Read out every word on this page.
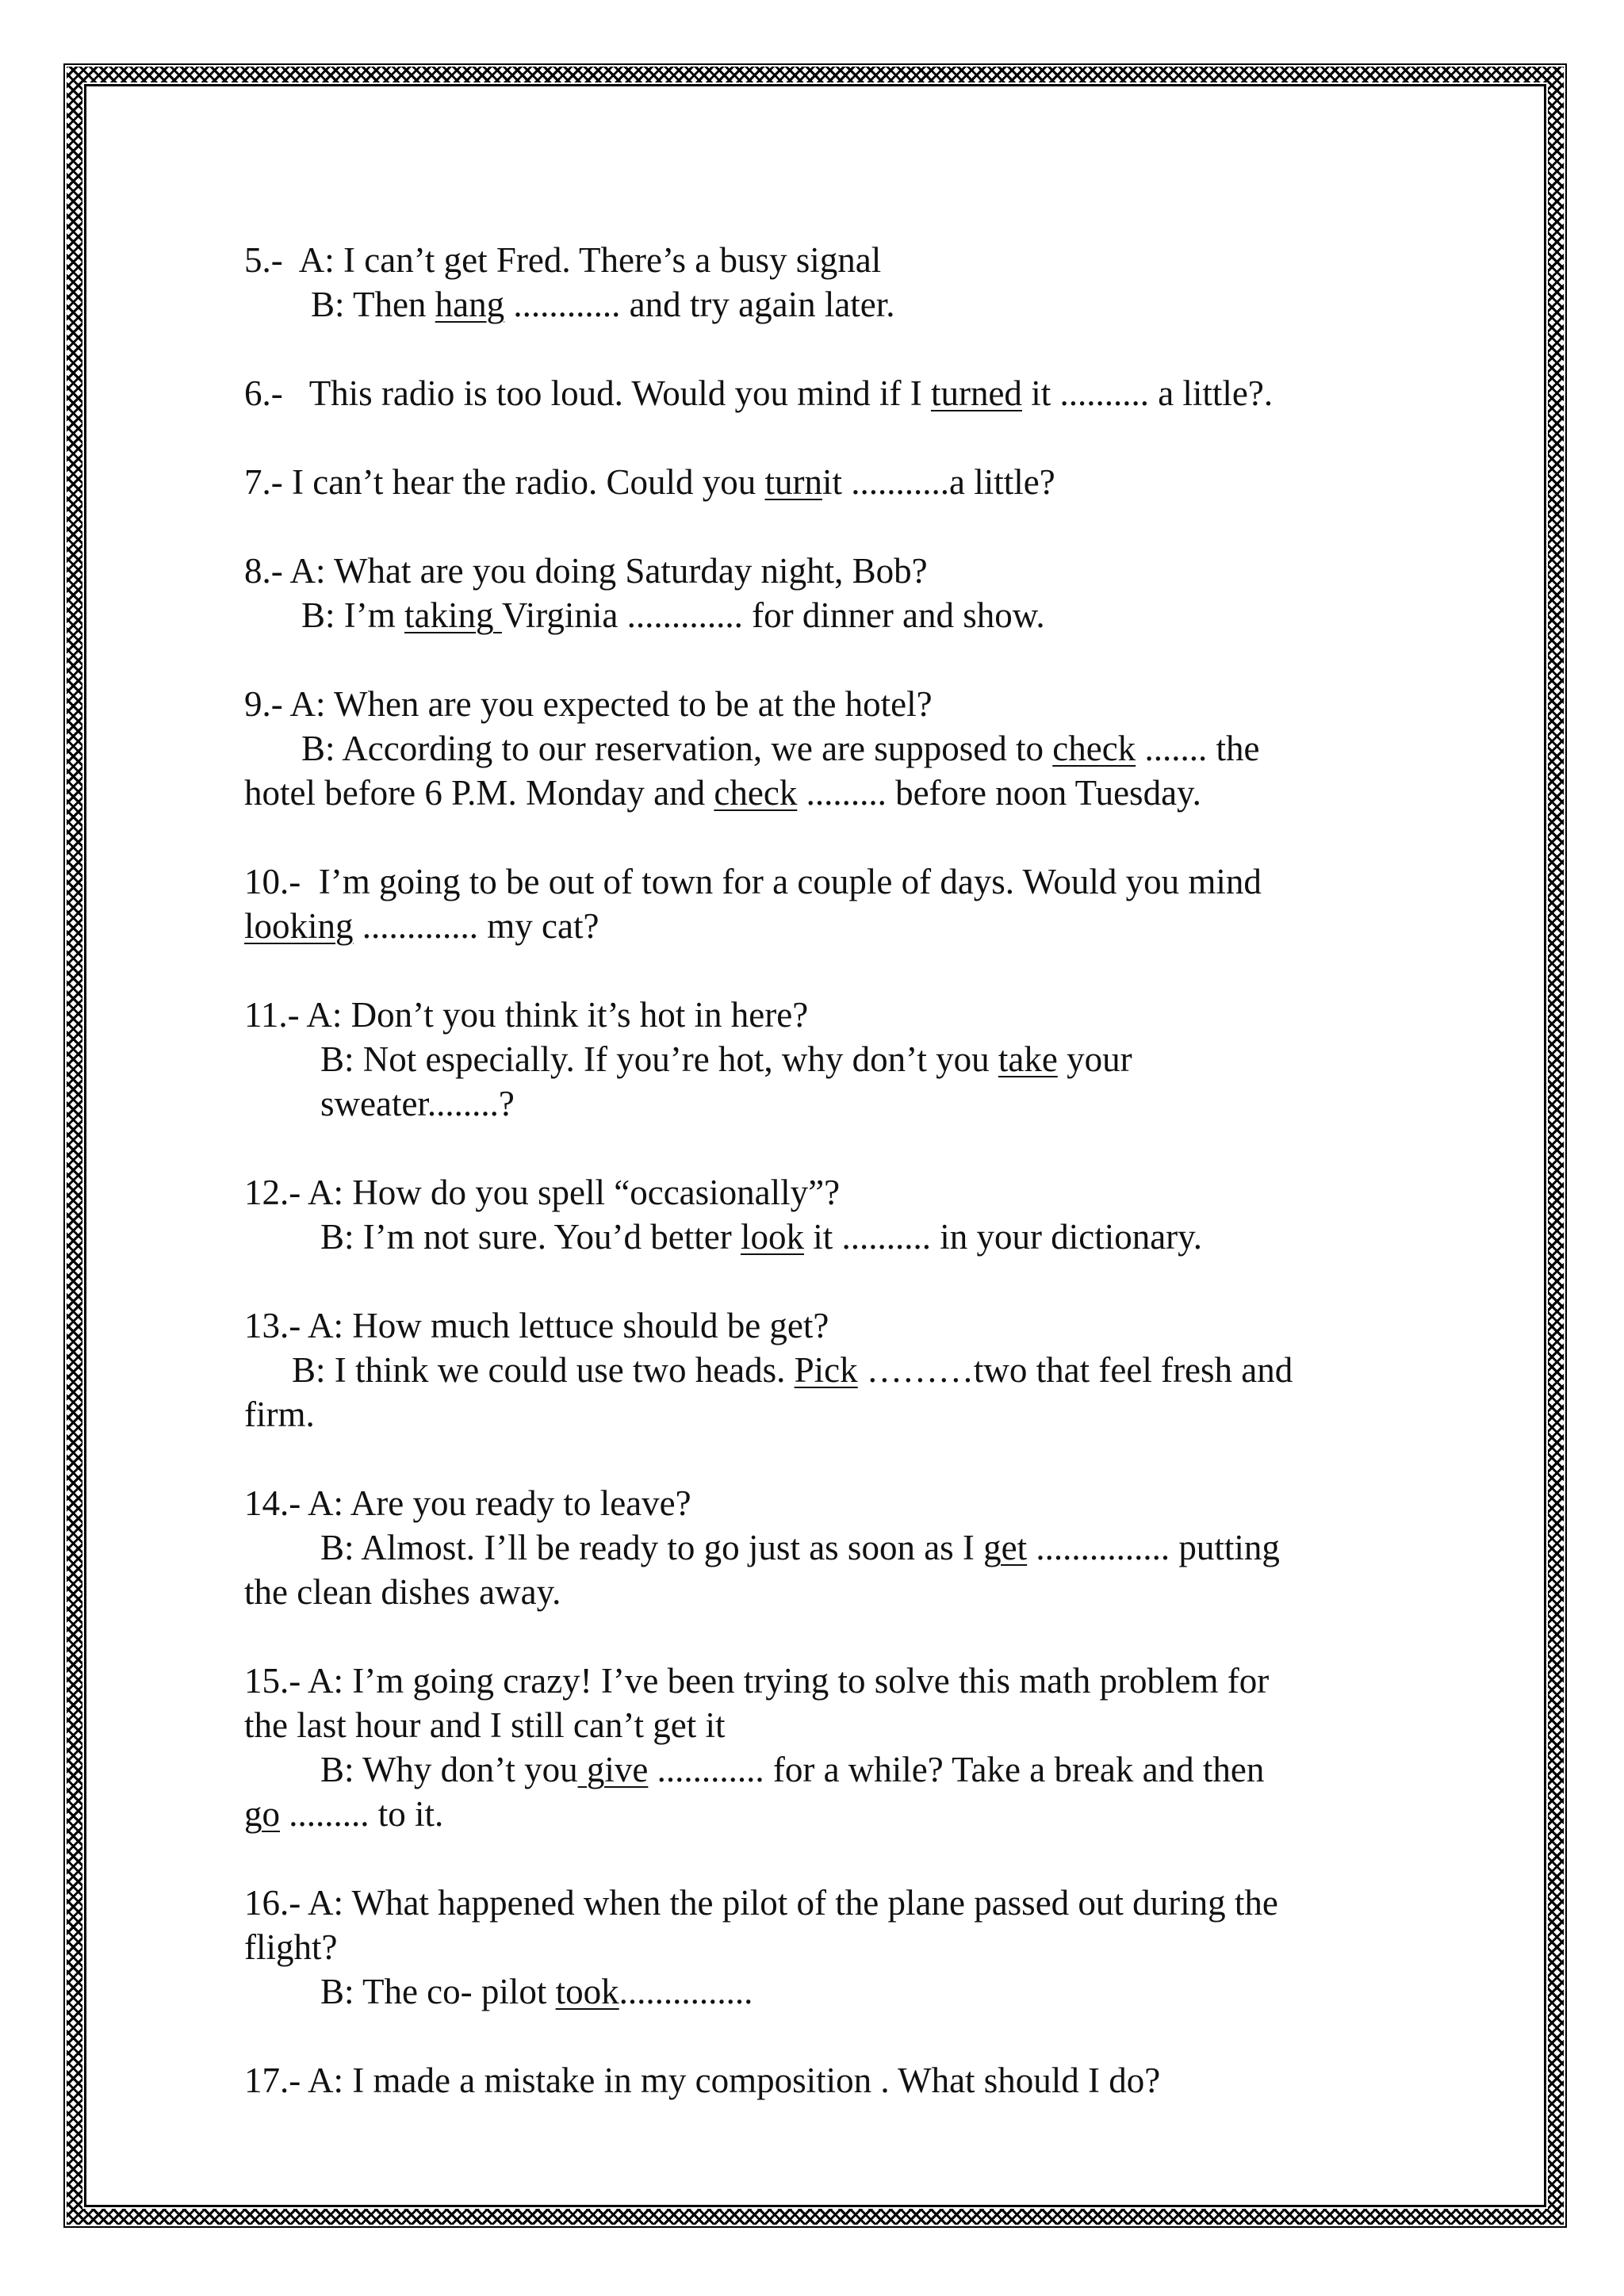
5.- A: I can’t get Fred. There’s a busy signal

B: Then hang ............ and try again later.

6.- This radio is too loud. Would you mind if I turned it .......... a little?.

7.- I can’t hear the radio. Could you turnit ...........a little?

8.- A: What are you doing Saturday night, Bob?

B: I’m taking Virginia ............. for dinner and show.

9.- A: When are you expected to be at the hotel?

B: According to our reservation, we are supposed to check ....... the

hotel before 6 P.M. Monday and check ......... before noon Tuesday.

10.- I’m going to be out of town for a couple of days. Would you mind

looking ............. my cat?

11.- A: Don’t you think it’s hot in here?

B: Not especially. If you’re hot, why don’t you take your

sweater........?

12.- A: How do you spell “occasionally”?

B: I’m not sure. You’d better look it .......... in your dictionary.

13.- A: How much lettuce should be get?

B: I think we could use two heads. Pick ………two that feel fresh and

firm.

14.- A: Are you ready to leave?

B: Almost. I’ll be ready to go just as soon as I get ............... putting

the clean dishes away.

15.- A: I’m going crazy! I’ve been trying to solve this math problem for

the last hour and I still can’t get it

B: Why don’t you give ............ for a while? Take a break and then

go ......... to it.

16.- A: What happened when the pilot of the plane passed out during the

flight?

B: The co- pilot took...............

17.- A: I made a mistake in my composition . What should I do?
